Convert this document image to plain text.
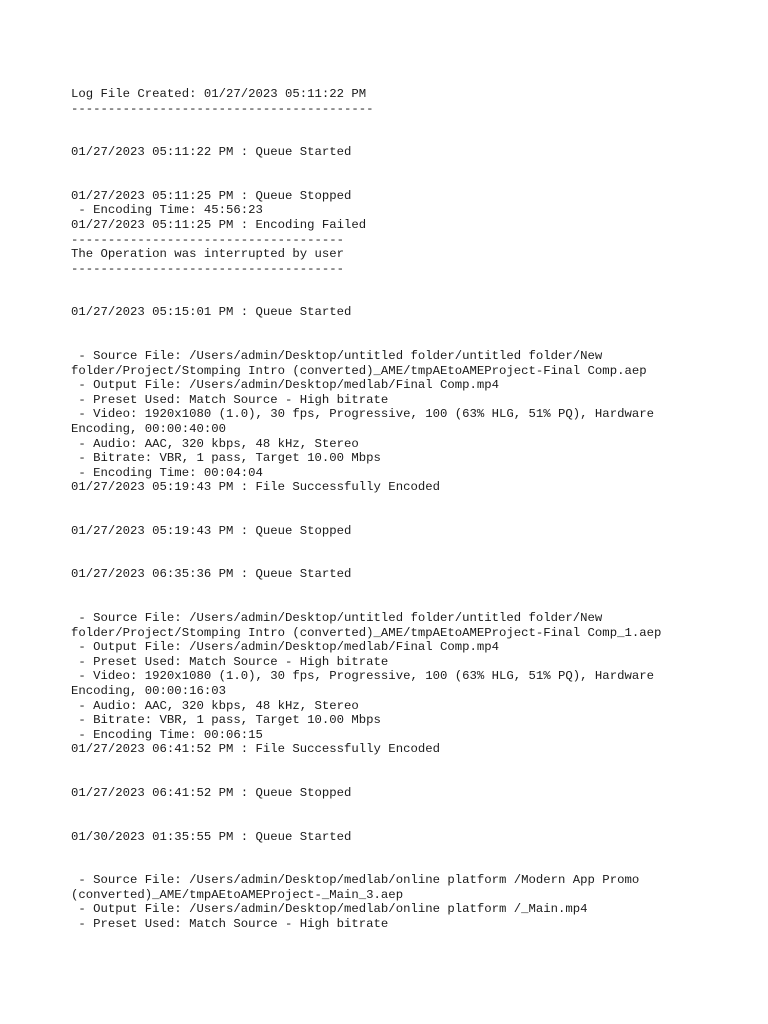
Log File Created: 01/27/2023 05:11:22 PM
-----------------------------------------
01/27/2023 05:11:22 PM : Queue Started
01/27/2023 05:11:25 PM : Queue Stopped
- Encoding Time: 45:56:23
01/27/2023 05:11:25 PM : Encoding Failed
-------------------------------------
The Operation was interrupted by user
-------------------------------------
01/27/2023 05:15:01 PM : Queue Started
- Source File: /Users/admin/Desktop/untitled folder/untitled folder/New
folder/Project/Stomping Intro (converted)_AME/tmpAEtoAMEProject-Final Comp.aep
- Output File: /Users/admin/Desktop/medlab/Final Comp.mp4
- Preset Used: Match Source - High bitrate
- Video: 1920x1080 (1.0), 30 fps, Progressive, 100 (63% HLG, 51% PQ), Hardware
Encoding, 00:00:40:00
- Audio: AAC, 320 kbps, 48 kHz, Stereo
- Bitrate: VBR, 1 pass, Target 10.00 Mbps
- Encoding Time: 00:04:04
01/27/2023 05:19:43 PM : File Successfully Encoded
01/27/2023 05:19:43 PM : Queue Stopped
01/27/2023 06:35:36 PM : Queue Started
- Source File: /Users/admin/Desktop/untitled folder/untitled folder/New
folder/Project/Stomping Intro (converted)_AME/tmpAEtoAMEProject-Final Comp_1.aep
- Output File: /Users/admin/Desktop/medlab/Final Comp.mp4
- Preset Used: Match Source - High bitrate
- Video: 1920x1080 (1.0), 30 fps, Progressive, 100 (63% HLG, 51% PQ), Hardware
Encoding, 00:00:16:03
- Audio: AAC, 320 kbps, 48 kHz, Stereo
- Bitrate: VBR, 1 pass, Target 10.00 Mbps
- Encoding Time: 00:06:15
01/27/2023 06:41:52 PM : File Successfully Encoded
01/27/2023 06:41:52 PM : Queue Stopped
01/30/2023 01:35:55 PM : Queue Started
- Source File: /Users/admin/Desktop/medlab/online platform /Modern App Promo
(converted)_AME/tmpAEtoAMEProject-_Main_3.aep
- Output File: /Users/admin/Desktop/medlab/online platform /_Main.mp4
- Preset Used: Match Source - High bitrate
